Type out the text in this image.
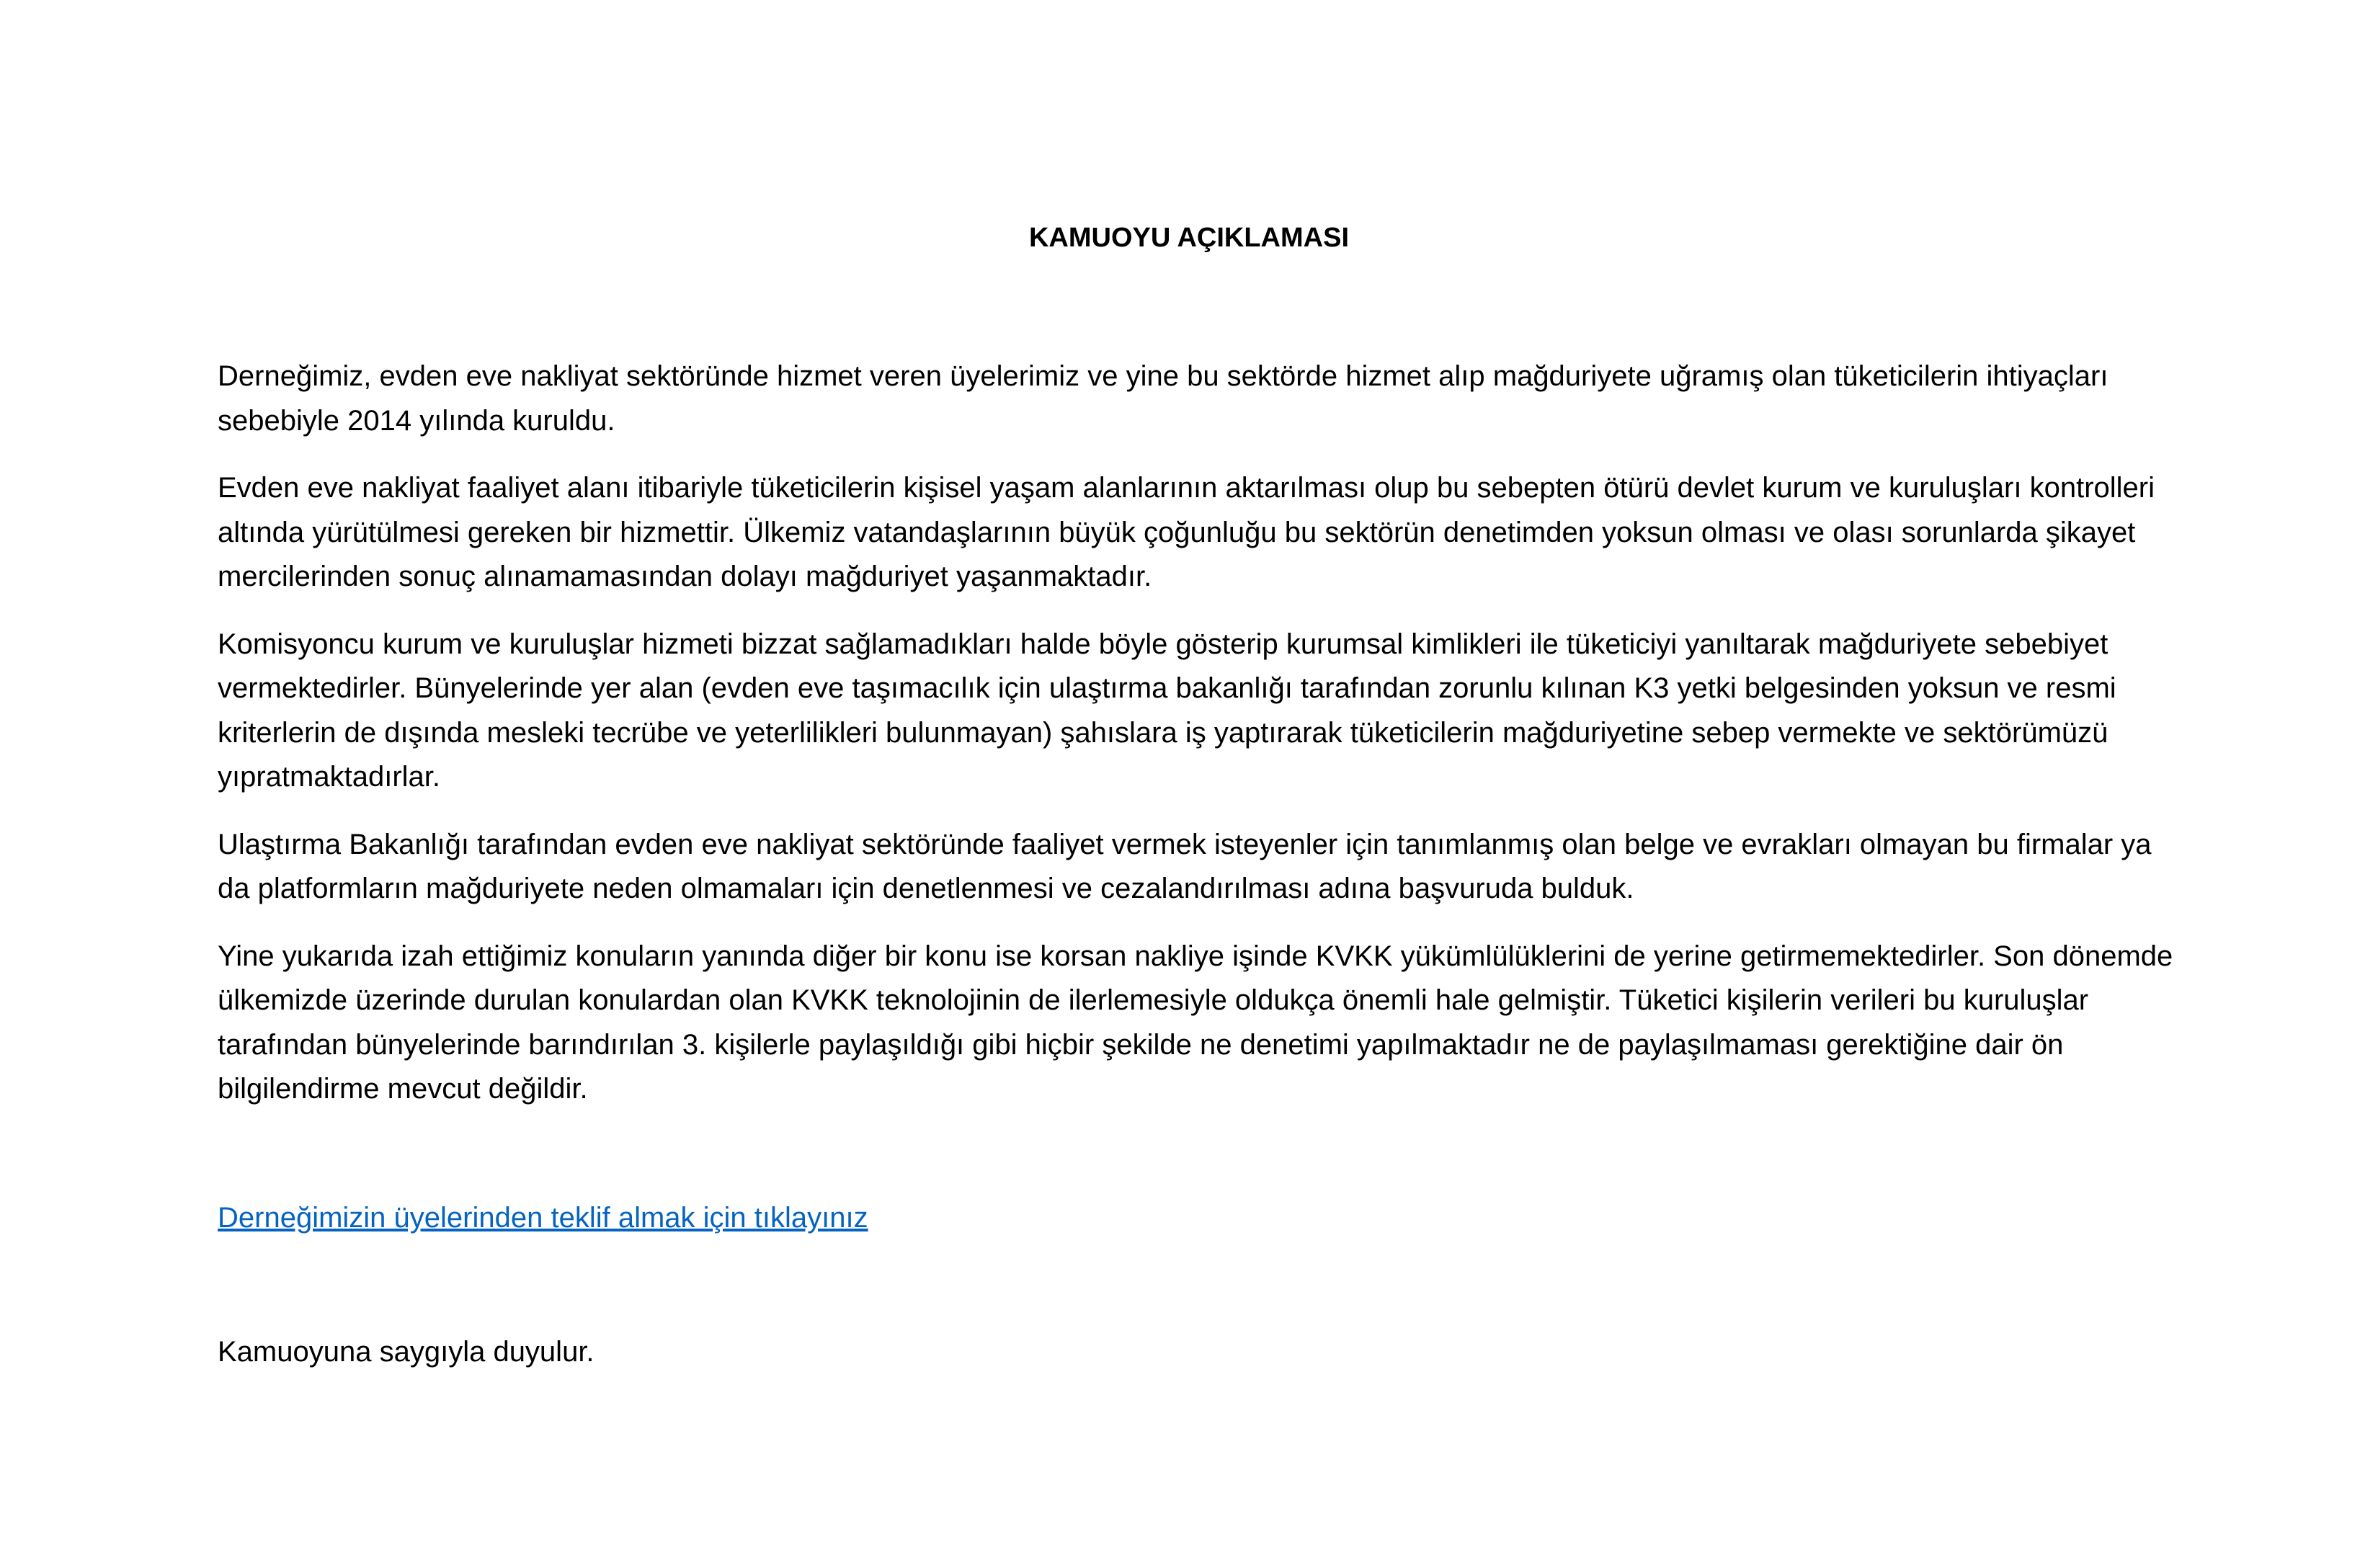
KAMUOYU AÇIKLAMASI

Derneğimiz, evden eve nakliyat sektöründe hizmet veren üyelerimiz ve yine bu sektörde hizmet alıp mağduriyete uğramış olan tüketicilerin ihtiyaçları sebebiyle 2014 yılında kuruldu.

Evden eve nakliyat faaliyet alanı itibariyle tüketicilerin kişisel yaşam alanlarının aktarılması olup bu sebepten ötürü devlet kurum ve kuruluşları kontrolleri altında yürütülmesi gereken bir hizmettir. Ülkemiz vatandaşlarının büyük çoğunluğu bu sektörün denetimden yoksun olması ve olası sorunlarda şikayet mercilerinden sonuç alınamamasından dolayı mağduriyet yaşanmaktadır.

Komisyoncu kurum ve kuruluşlar hizmeti bizzat sağlamadıkları halde böyle gösterip kurumsal kimlikleri ile tüketiciyi yanıltarak mağduriyete sebebiyet vermektedirler. Bünyelerinde yer alan (evden eve taşımacılık için ulaştırma bakanlığı tarafından zorunlu kılınan K3 yetki belgesinden yoksun ve resmi kriterlerin de dışında mesleki tecrübe ve yeterlilikleri bulunmayan) şahıslara iş yaptırarak tüketicilerin mağduriyetine sebep vermekte ve sektörümüzü yıpratmaktadırlar.

Ulaştırma Bakanlığı tarafından evden eve nakliyat sektöründe faaliyet vermek isteyenler için tanımlanmış olan belge ve evrakları olmayan bu firmalar ya da platformların mağduriyete neden olmamaları için denetlenmesi ve cezalandırılması adına başvuruda bulduk.

Yine yukarıda izah ettiğimiz konuların yanında diğer bir konu ise korsan nakliye işinde KVKK yükümlülüklerini de yerine getirmemektedirler. Son dönemde ülkemizde üzerinde durulan konulardan olan KVKK teknolojinin de ilerlemesiyle oldukça önemli hale gelmiştir. Tüketici kişilerin verileri bu kuruluşlar tarafından bünyelerinde barındırılan 3. kişilerle paylaşıldığı gibi hiçbir şekilde ne denetimi yapılmaktadır ne de paylaşılmaması gerektiğine dair ön bilgilendirme mevcut değildir.

Derneğimizin üyelerinden teklif almak için tıklayınız

Kamuoyuna saygıyla duyulur.
